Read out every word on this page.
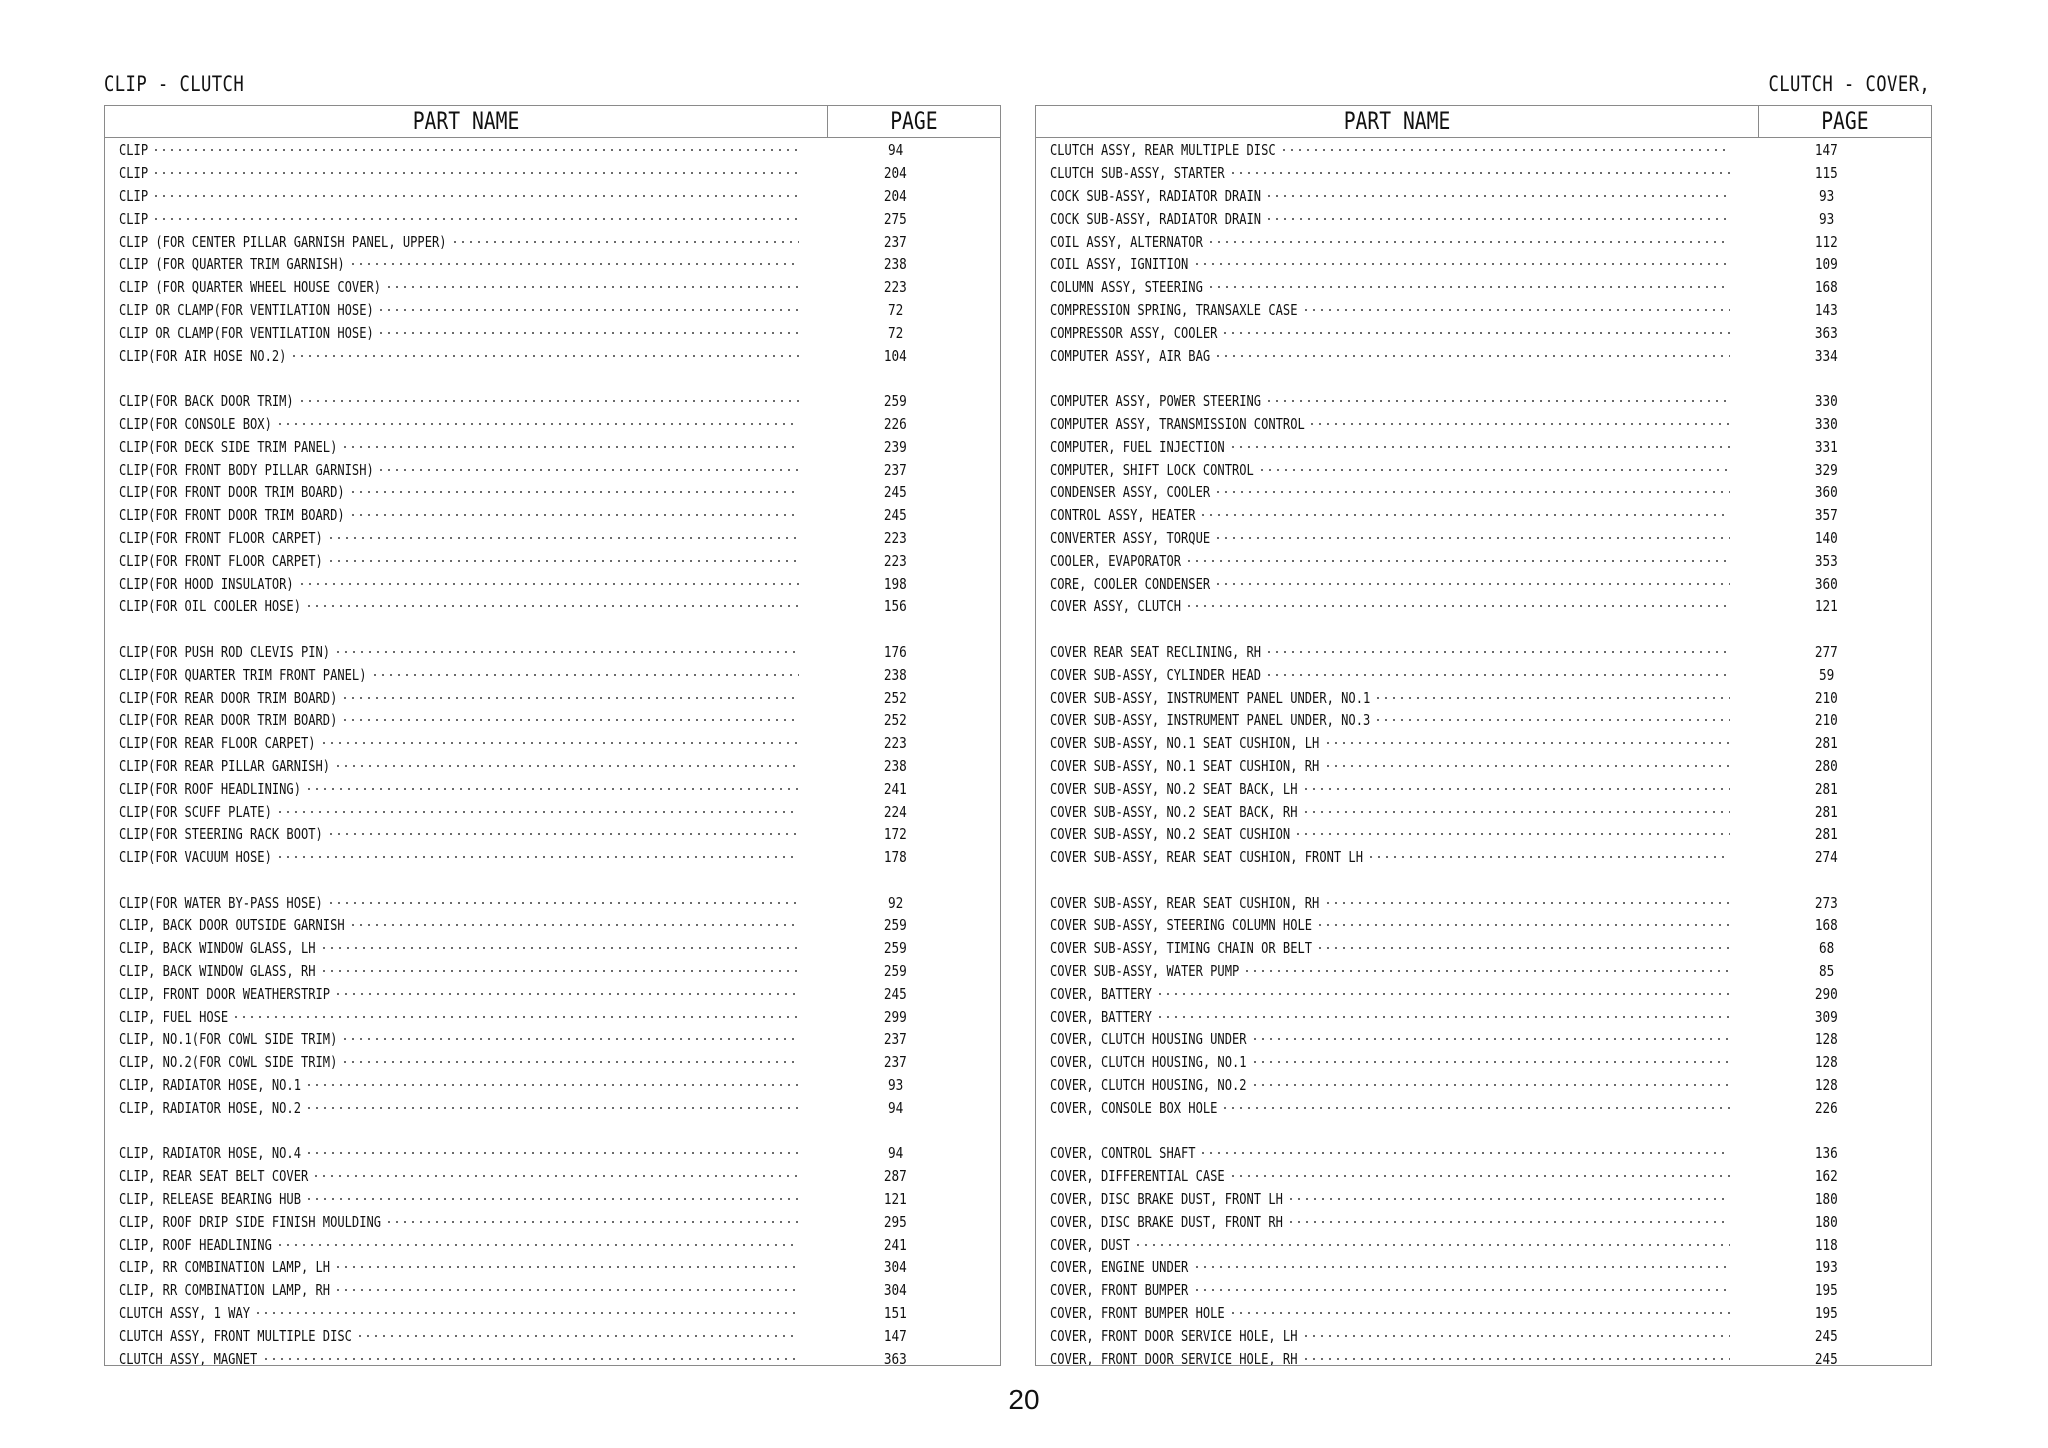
CLIP - CLUTCH	CLUTCH - COVER,
PART NAME	PAGE
CLIP	94
CLIP	204
CLIP	204
CLIP	275
CLIP (FOR CENTER PILLAR GARNISH PANEL, UPPER)	237
CLIP (FOR QUARTER TRIM GARNISH)	238
CLIP (FOR QUARTER WHEEL HOUSE COVER)	223
CLIP OR CLAMP(FOR VENTILATION HOSE)	72
CLIP OR CLAMP(FOR VENTILATION HOSE)	72
CLIP(FOR AIR HOSE NO.2)	104
CLIP(FOR BACK DOOR TRIM)	259
CLIP(FOR CONSOLE BOX)	226
CLIP(FOR DECK SIDE TRIM PANEL)	239
CLIP(FOR FRONT BODY PILLAR GARNISH)	237
CLIP(FOR FRONT DOOR TRIM BOARD)	245
CLIP(FOR FRONT DOOR TRIM BOARD)	245
CLIP(FOR FRONT FLOOR CARPET)	223
CLIP(FOR FRONT FLOOR CARPET)	223
CLIP(FOR HOOD INSULATOR)	198
CLIP(FOR OIL COOLER HOSE)	156
CLIP(FOR PUSH ROD CLEVIS PIN)	176
CLIP(FOR QUARTER TRIM FRONT PANEL)	238
CLIP(FOR REAR DOOR TRIM BOARD)	252
CLIP(FOR REAR DOOR TRIM BOARD)	252
CLIP(FOR REAR FLOOR CARPET)	223
CLIP(FOR REAR PILLAR GARNISH)	238
CLIP(FOR ROOF HEADLINING)	241
CLIP(FOR SCUFF PLATE)	224
CLIP(FOR STEERING RACK BOOT)	172
CLIP(FOR VACUUM HOSE)	178
CLIP(FOR WATER BY-PASS HOSE)	92
CLIP, BACK DOOR OUTSIDE GARNISH	259
CLIP, BACK WINDOW GLASS, LH	259
CLIP, BACK WINDOW GLASS, RH	259
CLIP, FRONT DOOR WEATHERSTRIP	245
CLIP, FUEL HOSE	299
CLIP, NO.1(FOR COWL SIDE TRIM)	237
CLIP, NO.2(FOR COWL SIDE TRIM)	237
CLIP, RADIATOR HOSE, NO.1	93
CLIP, RADIATOR HOSE, NO.2	94
CLIP, RADIATOR HOSE, NO.4	94
CLIP, REAR SEAT BELT COVER	287
CLIP, RELEASE BEARING HUB	121
CLIP, ROOF DRIP SIDE FINISH MOULDING	295
CLIP, ROOF HEADLINING	241
CLIP, RR COMBINATION LAMP, LH	304
CLIP, RR COMBINATION LAMP, RH	304
CLUTCH ASSY, 1 WAY	151
CLUTCH ASSY, FRONT MULTIPLE DISC	147
CLUTCH ASSY, MAGNET	363
PART NAME	PAGE
CLUTCH ASSY, REAR MULTIPLE DISC	147
CLUTCH SUB-ASSY, STARTER	115
COCK SUB-ASSY, RADIATOR DRAIN	93
COCK SUB-ASSY, RADIATOR DRAIN	93
COIL ASSY, ALTERNATOR	112
COIL ASSY, IGNITION	109
COLUMN ASSY, STEERING	168
COMPRESSION SPRING, TRANSAXLE CASE	143
COMPRESSOR ASSY, COOLER	363
COMPUTER ASSY, AIR BAG	334
COMPUTER ASSY, POWER STEERING	330
COMPUTER ASSY, TRANSMISSION CONTROL	330
COMPUTER, FUEL INJECTION	331
COMPUTER, SHIFT LOCK CONTROL	329
CONDENSER ASSY, COOLER	360
CONTROL ASSY, HEATER	357
CONVERTER ASSY, TORQUE	140
COOLER, EVAPORATOR	353
CORE, COOLER CONDENSER	360
COVER ASSY, CLUTCH	121
COVER REAR SEAT RECLINING, RH	277
COVER SUB-ASSY, CYLINDER HEAD	59
COVER SUB-ASSY, INSTRUMENT PANEL UNDER, NO.1	210
COVER SUB-ASSY, INSTRUMENT PANEL UNDER, NO.3	210
COVER SUB-ASSY, NO.1 SEAT CUSHION, LH	281
COVER SUB-ASSY, NO.1 SEAT CUSHION, RH	280
COVER SUB-ASSY, NO.2 SEAT BACK, LH	281
COVER SUB-ASSY, NO.2 SEAT BACK, RH	281
COVER SUB-ASSY, NO.2 SEAT CUSHION	281
COVER SUB-ASSY, REAR SEAT CUSHION, FRONT LH	274
COVER SUB-ASSY, REAR SEAT CUSHION, RH	273
COVER SUB-ASSY, STEERING COLUMN HOLE	168
COVER SUB-ASSY, TIMING CHAIN OR BELT	68
COVER SUB-ASSY, WATER PUMP	85
COVER, BATTERY	290
COVER, BATTERY	309
COVER, CLUTCH HOUSING UNDER	128
COVER, CLUTCH HOUSING, NO.1	128
COVER, CLUTCH HOUSING, NO.2	128
COVER, CONSOLE BOX HOLE	226
COVER, CONTROL SHAFT	136
COVER, DIFFERENTIAL CASE	162
COVER, DISC BRAKE DUST, FRONT LH	180
COVER, DISC BRAKE DUST, FRONT RH	180
COVER, DUST	118
COVER, ENGINE UNDER	193
COVER, FRONT BUMPER	195
COVER, FRONT BUMPER HOLE	195
COVER, FRONT DOOR SERVICE HOLE, LH	245
COVER, FRONT DOOR SERVICE HOLE, RH	245
20
